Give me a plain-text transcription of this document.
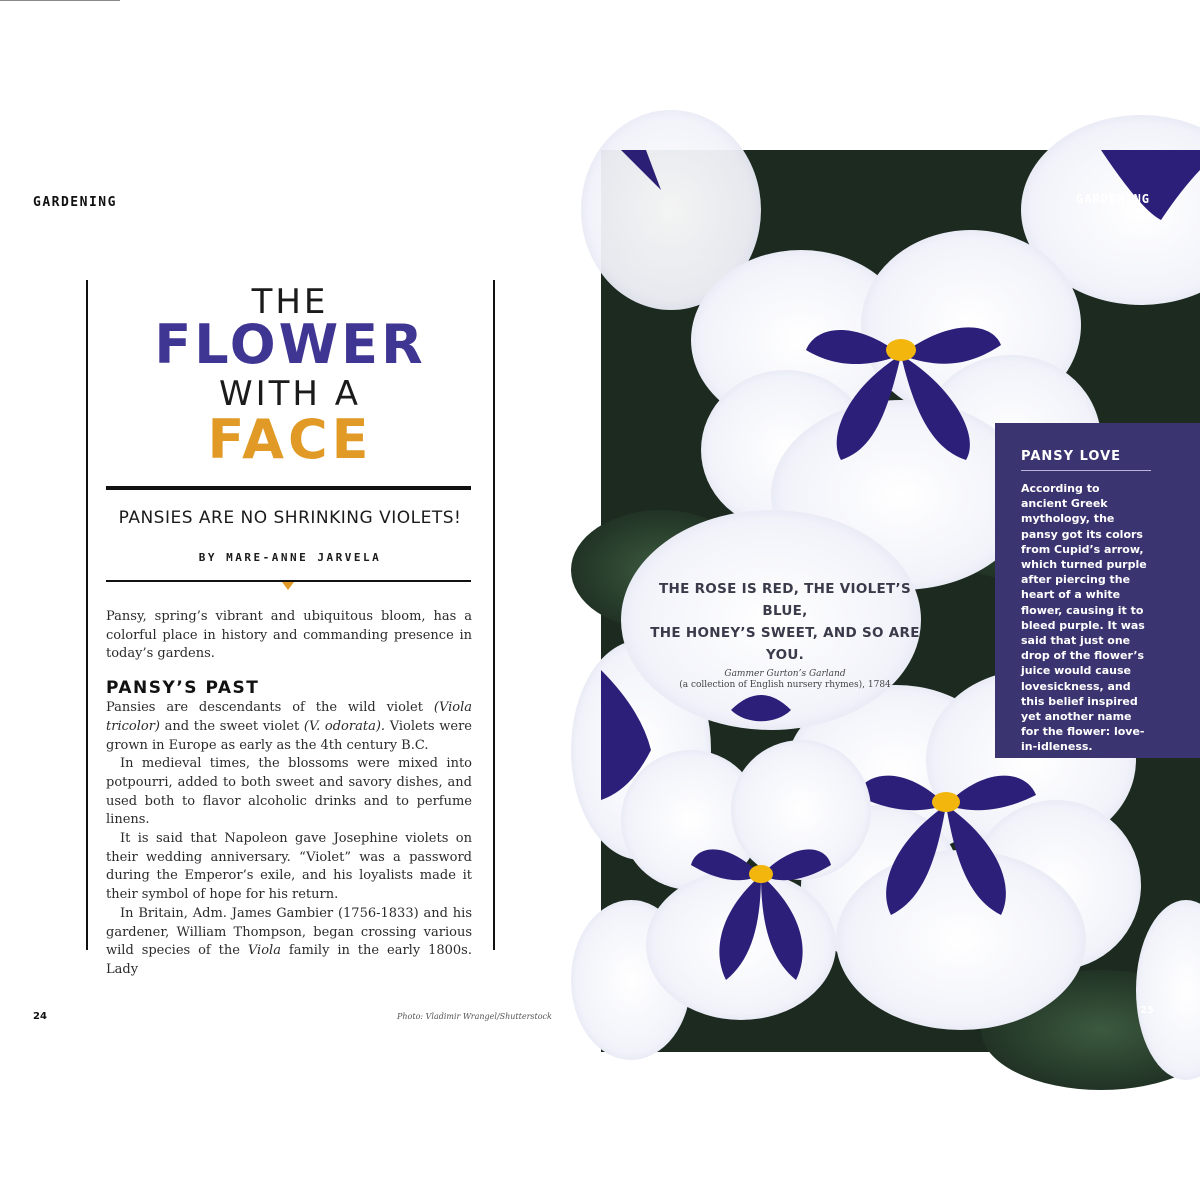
GARDENING
THE
FLOWER
WITH A
FACE
PANSIES ARE NO SHRINKING VIOLETS!
BY MARE-ANNE JARVELA

Pansy, spring’s vibrant and ubiquitous bloom, has a colorful place in history and commanding presence in today’s gardens.

PANSY’S PAST

Pansies are descendants of the wild violet (Viola tricolor) and the sweet violet (V. odorata). Violets were grown in Europe as early as the 4th century B.C.

In medieval times, the blossoms were mixed into potpourri, added to both sweet and savory dishes, and used both to flavor alcoholic drinks and to perfume linens.

It is said that Napoleon gave Josephine violets on their wedding anniversary. “Violet” was a password during the Emperor’s exile, and his loyalists made it their symbol of hope for his return.

In Britain, Adm. James Gambier (1756-1833) and his gardener, William Thompson, began crossing various wild species of the Viola family in the early 1800s. Lady

24	Photo: Vladimir Wrangel/Shutterstock
GARDENING
THE ROSE IS RED, THE VIOLET’S BLUE,
THE HONEY’S SWEET, AND SO ARE YOU.
Gammer Gurton’s Garland
(a collection of English nursery rhymes), 1784
PANSY LOVE
According to ancient Greek mythology, the pansy got its colors from Cupid’s arrow, which turned purple after piercing the heart of a white flower, causing it to bleed purple. It was said that just one drop of the flower’s juice would cause lovesickness, and this belief inspired yet another name for the flower: love-in-idleness.
25
